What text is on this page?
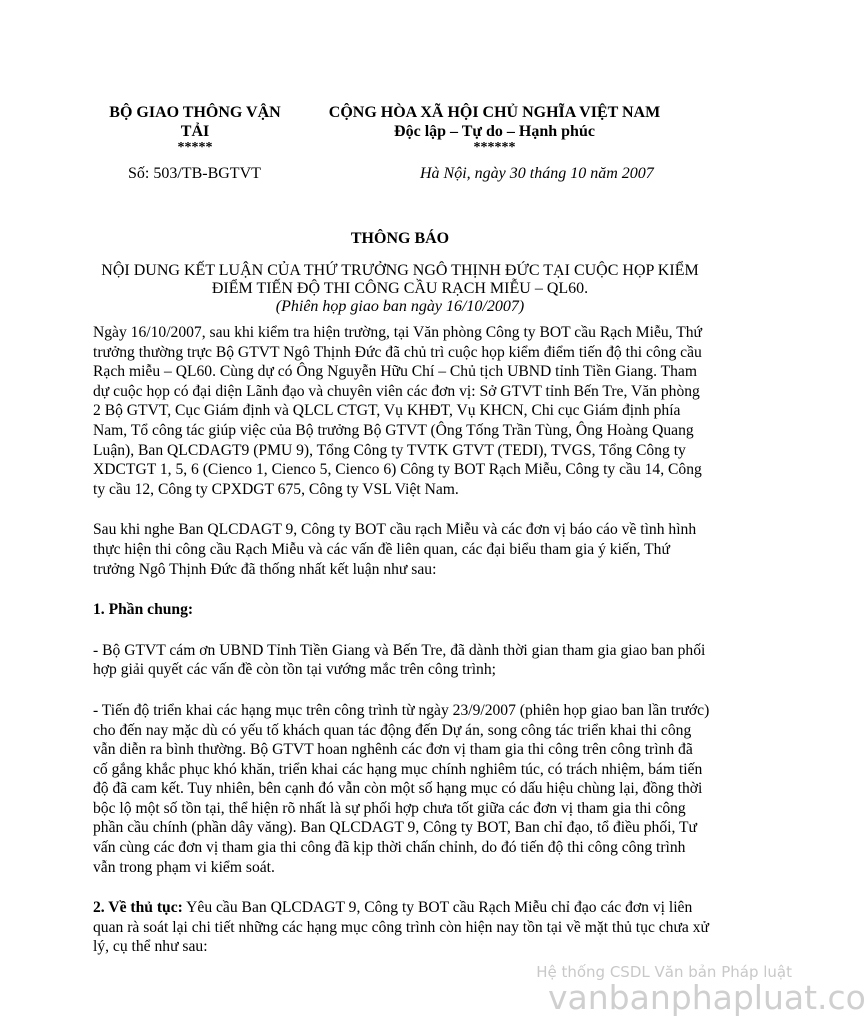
BỘ GIAO THÔNG VẬN
TẢI
*****
CỘNG HÒA XÃ HỘI CHỦ NGHĨA VIỆT NAM
Độc lập – Tự do – Hạnh phúc
******
Số: 503/TB-BGTVT	Hà Nội, ngày 30 tháng 10 năm 2007
THÔNG BÁO
NỘI DUNG KẾT LUẬN CỦA THỨ TRƯỞNG NGÔ THỊNH ĐỨC TẠI CUỘC HỌP KIỂM ĐIỂM TIẾN ĐỘ THI CÔNG CẦU RẠCH MIỄU – QL60.
(Phiên họp giao ban ngày 16/10/2007)

Ngày 16/10/2007, sau khi kiểm tra hiện trường, tại Văn phòng Công ty BOT cầu Rạch Miễu, Thứ trưởng thường trực Bộ GTVT Ngô Thịnh Đức đã chủ trì cuộc họp kiểm điểm tiến độ thi công cầu Rạch miễu – QL60. Cùng dự có Ông Nguyễn Hữu Chí – Chủ tịch UBND tỉnh Tiền Giang. Tham dự cuộc họp có đại diện Lãnh đạo và chuyên viên các đơn vị: Sở GTVT tỉnh Bến Tre, Văn phòng 2 Bộ GTVT, Cục Giám định và QLCL CTGT, Vụ KHĐT, Vụ KHCN, Chi cục Giám định phía Nam, Tổ công tác giúp việc của Bộ trưởng Bộ GTVT (Ông Tống Trần Tùng, Ông Hoàng Quang Luận), Ban QLCDAGT9 (PMU 9), Tổng Công ty TVTK GTVT (TEDI), TVGS, Tổng Công ty XDCTGT 1, 5, 6 (Cienco 1, Cienco 5, Cienco 6) Công ty BOT Rạch Miễu, Công ty cầu 14, Công ty cầu 12, Công ty CPXDGT 675, Công ty VSL Việt Nam.

Sau khi nghe Ban QLCDAGT 9, Công ty BOT cầu rạch Miễu và các đơn vị báo cáo về tình hình thực hiện thi công cầu Rạch Miễu và các vấn đề liên quan, các đại biểu tham gia ý kiến, Thứ trưởng Ngô Thịnh Đức đã thống nhất kết luận như sau:

1. Phần chung:

- Bộ GTVT cám ơn UBND Tỉnh Tiền Giang và Bến Tre, đã dành thời gian tham gia giao ban phối hợp giải quyết các vấn đề còn tồn tại vướng mắc trên công trình;

- Tiến độ triển khai các hạng mục trên công trình từ ngày 23/9/2007 (phiên họp giao ban lần trước) cho đến nay mặc dù có yếu tố khách quan tác động đến Dự án, song công tác triển khai thi công vẫn diễn ra bình thường. Bộ GTVT hoan nghênh các đơn vị tham gia thi công trên công trình đã cố gắng khắc phục khó khăn, triển khai các hạng mục chính nghiêm túc, có trách nhiệm, bám tiến độ đã cam kết. Tuy nhiên, bên cạnh đó vẫn còn một số hạng mục có dấu hiệu chùng lại, đồng thời bộc lộ một số tồn tại, thể hiện rõ nhất là sự phối hợp chưa tốt giữa các đơn vị tham gia thi công phần cầu chính (phần dây văng). Ban QLCDAGT 9, Công ty BOT, Ban chỉ đạo, tổ điều phối, Tư vấn cùng các đơn vị tham gia thi công đã kịp thời chấn chỉnh, do đó tiến độ thi công công trình vẫn trong phạm vi kiểm soát.

2. Về thủ tục: Yêu cầu Ban QLCDAGT 9, Công ty BOT cầu Rạch Miễu chỉ đạo các đơn vị liên quan rà soát lại chi tiết những các hạng mục công trình còn hiện nay tồn tại về mặt thủ tục chưa xử lý, cụ thể như sau:

Hệ thống CSDL Văn bản Pháp luật
vanbanphapluat.co
